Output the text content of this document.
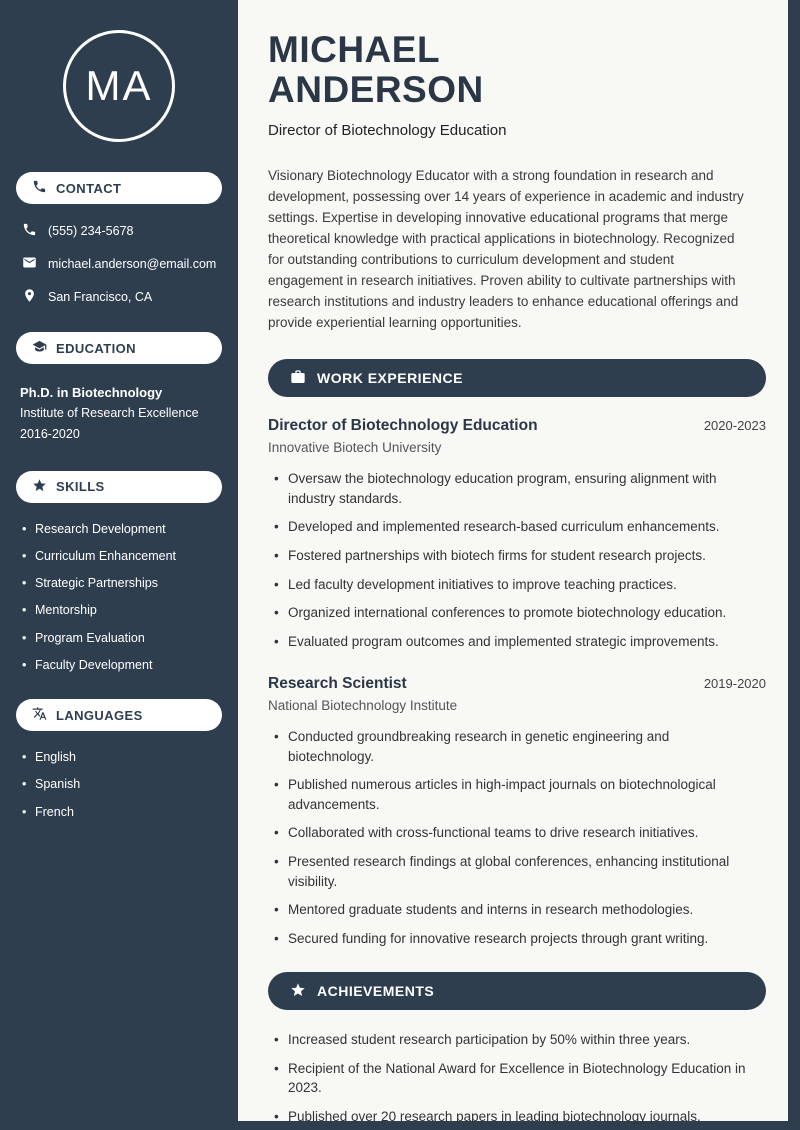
MA
CONTACT
(555) 234-5678
michael.anderson@email.com
San Francisco, CA
EDUCATION
Ph.D. in Biotechnology
Institute of Research Excellence
2016-2020
SKILLS
• Research Development
• Curriculum Enhancement
• Strategic Partnerships
• Mentorship
• Program Evaluation
• Faculty Development
LANGUAGES
• English
• Spanish
• French
MICHAEL
ANDERSON
Director of Biotechnology Education

Visionary Biotechnology Educator with a strong foundation in research and development, possessing over 14 years of experience in academic and industry settings. Expertise in developing innovative educational programs that merge theoretical knowledge with practical applications in biotechnology. Recognized for outstanding contributions to curriculum development and student engagement in research initiatives. Proven ability to cultivate partnerships with research institutions and industry leaders to enhance educational offerings and provide experiential learning opportunities.

WORK EXPERIENCE
Director of Biotechnology Education	2020-2023
Innovative Biotech University
• Oversaw the biotechnology education program, ensuring alignment with industry standards.
• Developed and implemented research-based curriculum enhancements.
• Fostered partnerships with biotech firms for student research projects.
• Led faculty development initiatives to improve teaching practices.
• Organized international conferences to promote biotechnology education.
• Evaluated program outcomes and implemented strategic improvements.
Research Scientist	2019-2020
National Biotechnology Institute
• Conducted groundbreaking research in genetic engineering and biotechnology.
• Published numerous articles in high-impact journals on biotechnological advancements.
• Collaborated with cross-functional teams to drive research initiatives.
• Presented research findings at global conferences, enhancing institutional visibility.
• Mentored graduate students and interns in research methodologies.
• Secured funding for innovative research projects through grant writing.
ACHIEVEMENTS
• Increased student research participation by 50% within three years.
• Recipient of the National Award for Excellence in Biotechnology Education in 2023.
• Published over 20 research papers in leading biotechnology journals.
